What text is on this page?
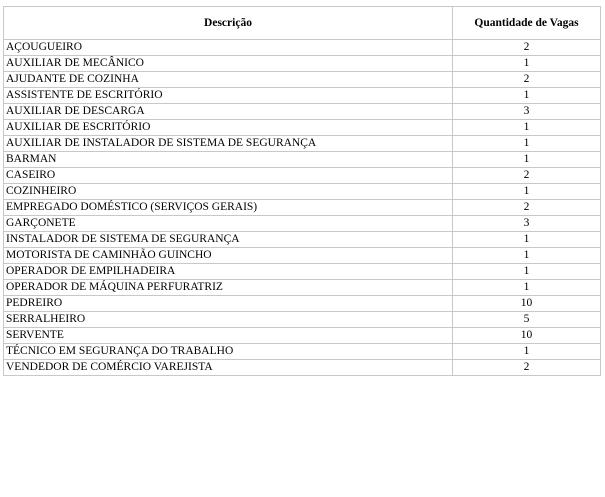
Descrição	Quantidade de Vagas
AÇOUGUEIRO	2
AUXILIAR DE MECÂNICO	1
AJUDANTE DE COZINHA	2
ASSISTENTE DE ESCRITÓRIO	1
AUXILIAR DE DESCARGA	3
AUXILIAR DE ESCRITÓRIO	1
AUXILIAR DE INSTALADOR DE SISTEMA DE SEGURANÇA	1
BARMAN	1
CASEIRO	2
COZINHEIRO	1
EMPREGADO DOMÉSTICO (SERVIÇOS GERAIS)	2
GARÇONETE	3
INSTALADOR DE SISTEMA DE SEGURANÇA	1
MOTORISTA DE CAMINHÃO GUINCHO	1
OPERADOR DE EMPILHADEIRA	1
OPERADOR DE MÁQUINA PERFURATRIZ	1
PEDREIRO	10
SERRALHEIRO	5
SERVENTE	10
TÉCNICO EM SEGURANÇA DO TRABALHO	1
VENDEDOR DE COMÉRCIO VAREJISTA	2
